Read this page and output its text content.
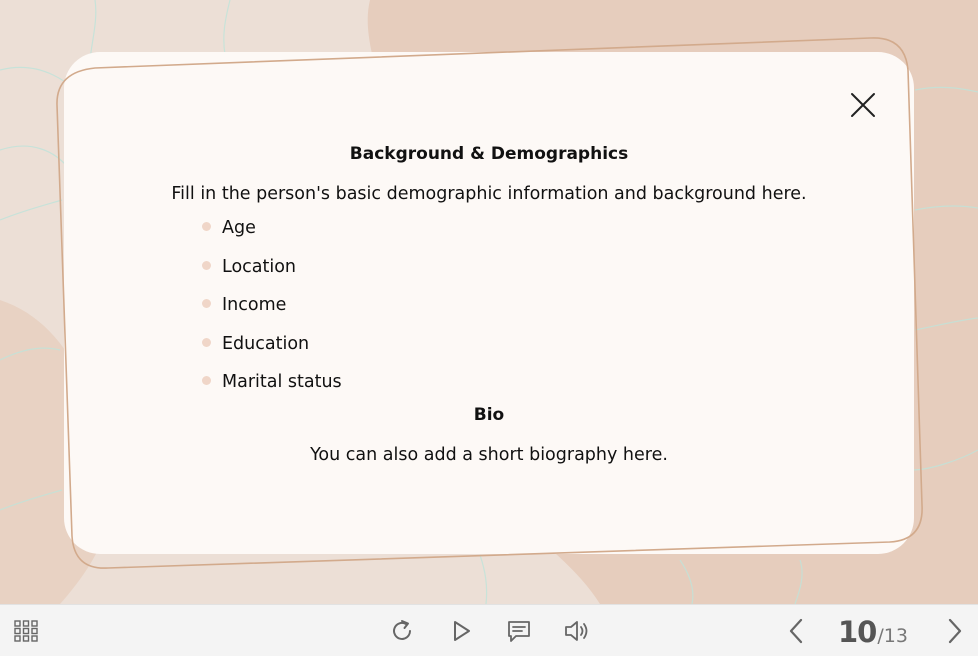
Background & Demographics
Fill in the person's basic demographic information and background here.
Age
Location
Income
Education
Marital status
Bio
You can also add a short biography here.
10 / 13
